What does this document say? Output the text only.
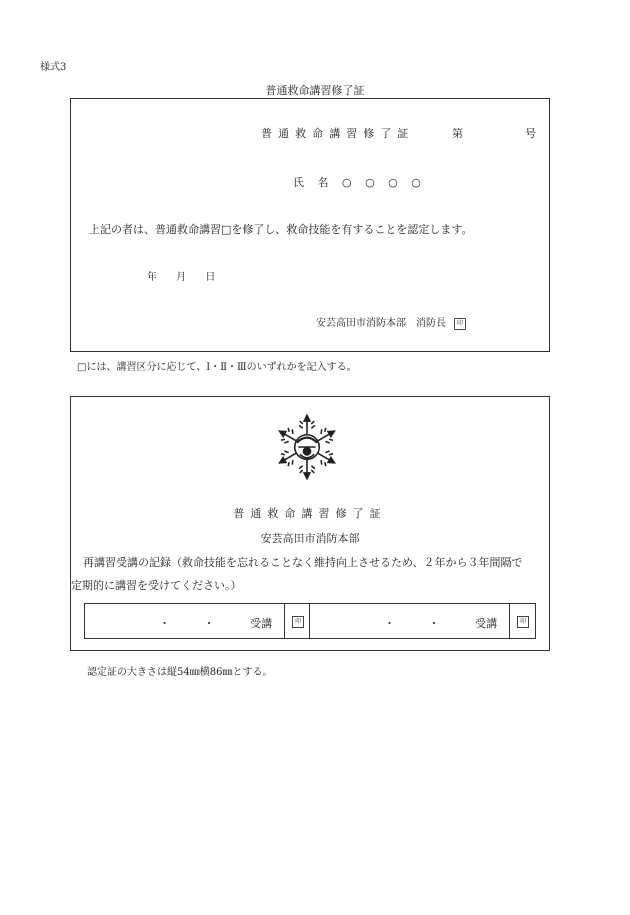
様式3
普通救命講習修了証
普通救命講習修了証	第	号
氏 名 ○ ○ ○ ○
上記の者は、普通救命講習□を修了し、救命技能を有することを認定します。
年 月 日
安芸高田市消防本部　消防長 印
□には、講習区分に応じて、Ⅰ・Ⅱ・Ⅲのいずれかを記入する。
普通救命講習修了証
安芸高田市消防本部
再講習受講の記録（救命技能を忘れることなく維持向上させるため、２年から３年間隔で
定期的に講習を受けてください。）
・ ・	受講	印	・ ・	受講	印
認定証の大きさは縦54㎜横86㎜とする。
